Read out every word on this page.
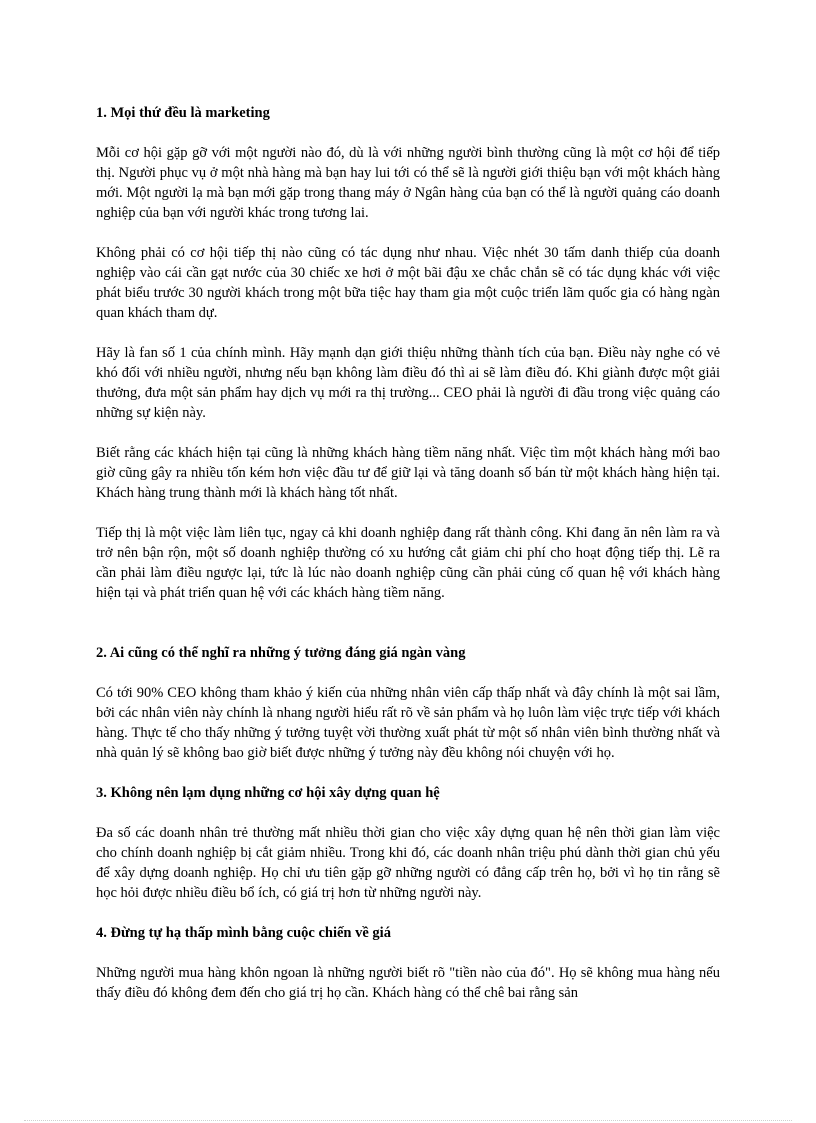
1. Mọi thứ đều là marketing

Mỗi cơ hội gặp gỡ với một người nào đó, dù là với những người bình thường cũng là một cơ hội để tiếp thị. Người phục vụ ở một nhà hàng mà bạn hay lui tới có thể sẽ là người giới thiệu bạn với một khách hàng mới. Một người lạ mà bạn mới gặp trong thang máy ở Ngân hàng của bạn có thể là người quảng cáo doanh nghiệp của bạn với người khác trong tương lai.

Không phải có cơ hội tiếp thị nào cũng có tác dụng như nhau. Việc nhét 30 tấm danh thiếp của doanh nghiệp vào cái cần gạt nước của 30 chiếc xe hơi ở một bãi đậu xe chắc chắn sẽ có tác dụng khác với việc phát biểu trước 30 người khách trong một bữa tiệc hay tham gia một cuộc triển lãm quốc gia có hàng ngàn quan khách tham dự.

Hãy là fan số 1 của chính mình. Hãy mạnh dạn giới thiệu những thành tích của bạn. Điều này nghe có vẻ khó đối với nhiều người, nhưng nếu bạn không làm điều đó thì ai sẽ làm điều đó. Khi giành được một giải thưởng, đưa một sản phẩm hay dịch vụ mới ra thị trường... CEO phải là người đi đầu trong việc quảng cáo những sự kiện này.

Biết rằng các khách hiện tại cũng là những khách hàng tiềm năng nhất. Việc tìm một khách hàng mới bao giờ cũng gây ra nhiều tốn kém hơn việc đầu tư để giữ lại và tăng doanh số bán từ một khách hàng hiện tại. Khách hàng trung thành mới là khách hàng tốt nhất.

Tiếp thị là một việc làm liên tục, ngay cả khi doanh nghiệp đang rất thành công. Khi đang ăn nên làm ra và trở nên bận rộn, một số doanh nghiệp thường có xu hướng cắt giảm chi phí cho hoạt động tiếp thị. Lẽ ra cần phải làm điều ngược lại, tức là lúc nào doanh nghiệp cũng cần phải củng cố quan hệ với khách hàng hiện tại và phát triển quan hệ với các khách hàng tiềm năng.

2. Ai cũng có thể nghĩ ra những ý tưởng đáng giá ngàn vàng

Có tới 90% CEO không tham khảo ý kiến của những nhân viên cấp thấp nhất và đây chính là một sai lầm, bởi các nhân viên này chính là nhang người hiểu rất rõ về sản phẩm và họ luôn làm việc trực tiếp với khách hàng. Thực tế cho thấy những ý tưởng tuyệt vời thường xuất phát từ một số nhân viên bình thường nhất và nhà quản lý sẽ không bao giờ biết được những ý tưởng này đều không nói chuyện với họ.

3. Không nên lạm dụng những cơ hội xây dựng quan hệ

Đa số các doanh nhân trẻ thường mất nhiều thời gian cho việc xây dựng quan hệ nên thời gian làm việc cho chính doanh nghiệp bị cắt giảm nhiều. Trong khi đó, các doanh nhân triệu phú dành thời gian chủ yếu để xây dựng doanh nghiệp. Họ chỉ ưu tiên gặp gỡ những người có đẳng cấp trên họ, bởi vì họ tin rằng sẽ học hỏi được nhiều điều bổ ích, có giá trị hơn từ những người này.

4. Đừng tự hạ thấp mình bằng cuộc chiến về giá

Những người mua hàng khôn ngoan là những người biết rõ "tiền nào của đó". Họ sẽ không mua hàng nếu thấy điều đó không đem đến cho giá trị họ cần. Khách hàng có thể chê bai rằng sản
